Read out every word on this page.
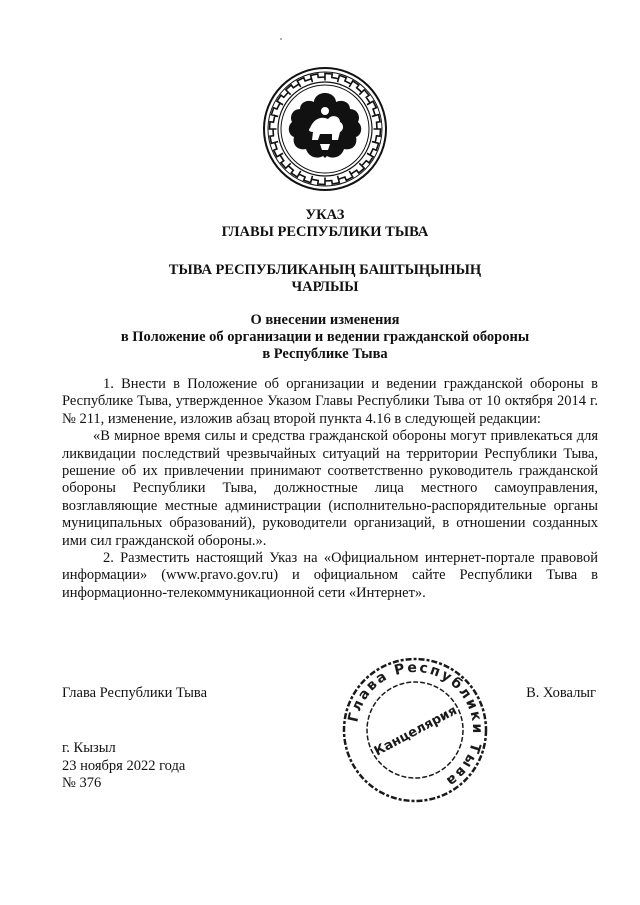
УКАЗ
ГЛАВЫ РЕСПУБЛИКИ ТЫВА
ТЫВА РЕСПУБЛИКАНЫҢ БАШТЫҢЫНЫҢ
ЧАРЛЫЫ
О внесении изменения
в Положение об организации и ведении гражданской обороны
в Республике Тыва

1. Внести в Положение об организации и ведении гражданской обороны в Республике Тыва, утвержденное Указом Главы Республики Тыва от 10 октября 2014 г. № 211, изменение, изложив абзац второй пункта 4.16 в следующей редакции:

«В мирное время силы и средства гражданской обороны могут привлекаться для ликвидации последствий чрезвычайных ситуаций на территории Республики Тыва, решение об их привлечении принимают соответственно руководитель гражданской обороны Республики Тыва, должностные лица местного самоуправления, возглавляющие местные администрации (исполнительно-распорядительные органы муниципальных образований), руководители организаций, в отношении созданных ими сил гражданской обороны.».

2. Разместить настоящий Указ на «Официальном интернет-портале правовой информации» (www.pravo.gov.ru) и официальном сайте Республики Тыва в информационно-телекоммуникационной сети «Интернет».

Глава Республики Тыва	В. Ховалыг
Глава Республики Тыва
Канцелярия
г. Кызыл
23 ноября 2022 года
№ 376
